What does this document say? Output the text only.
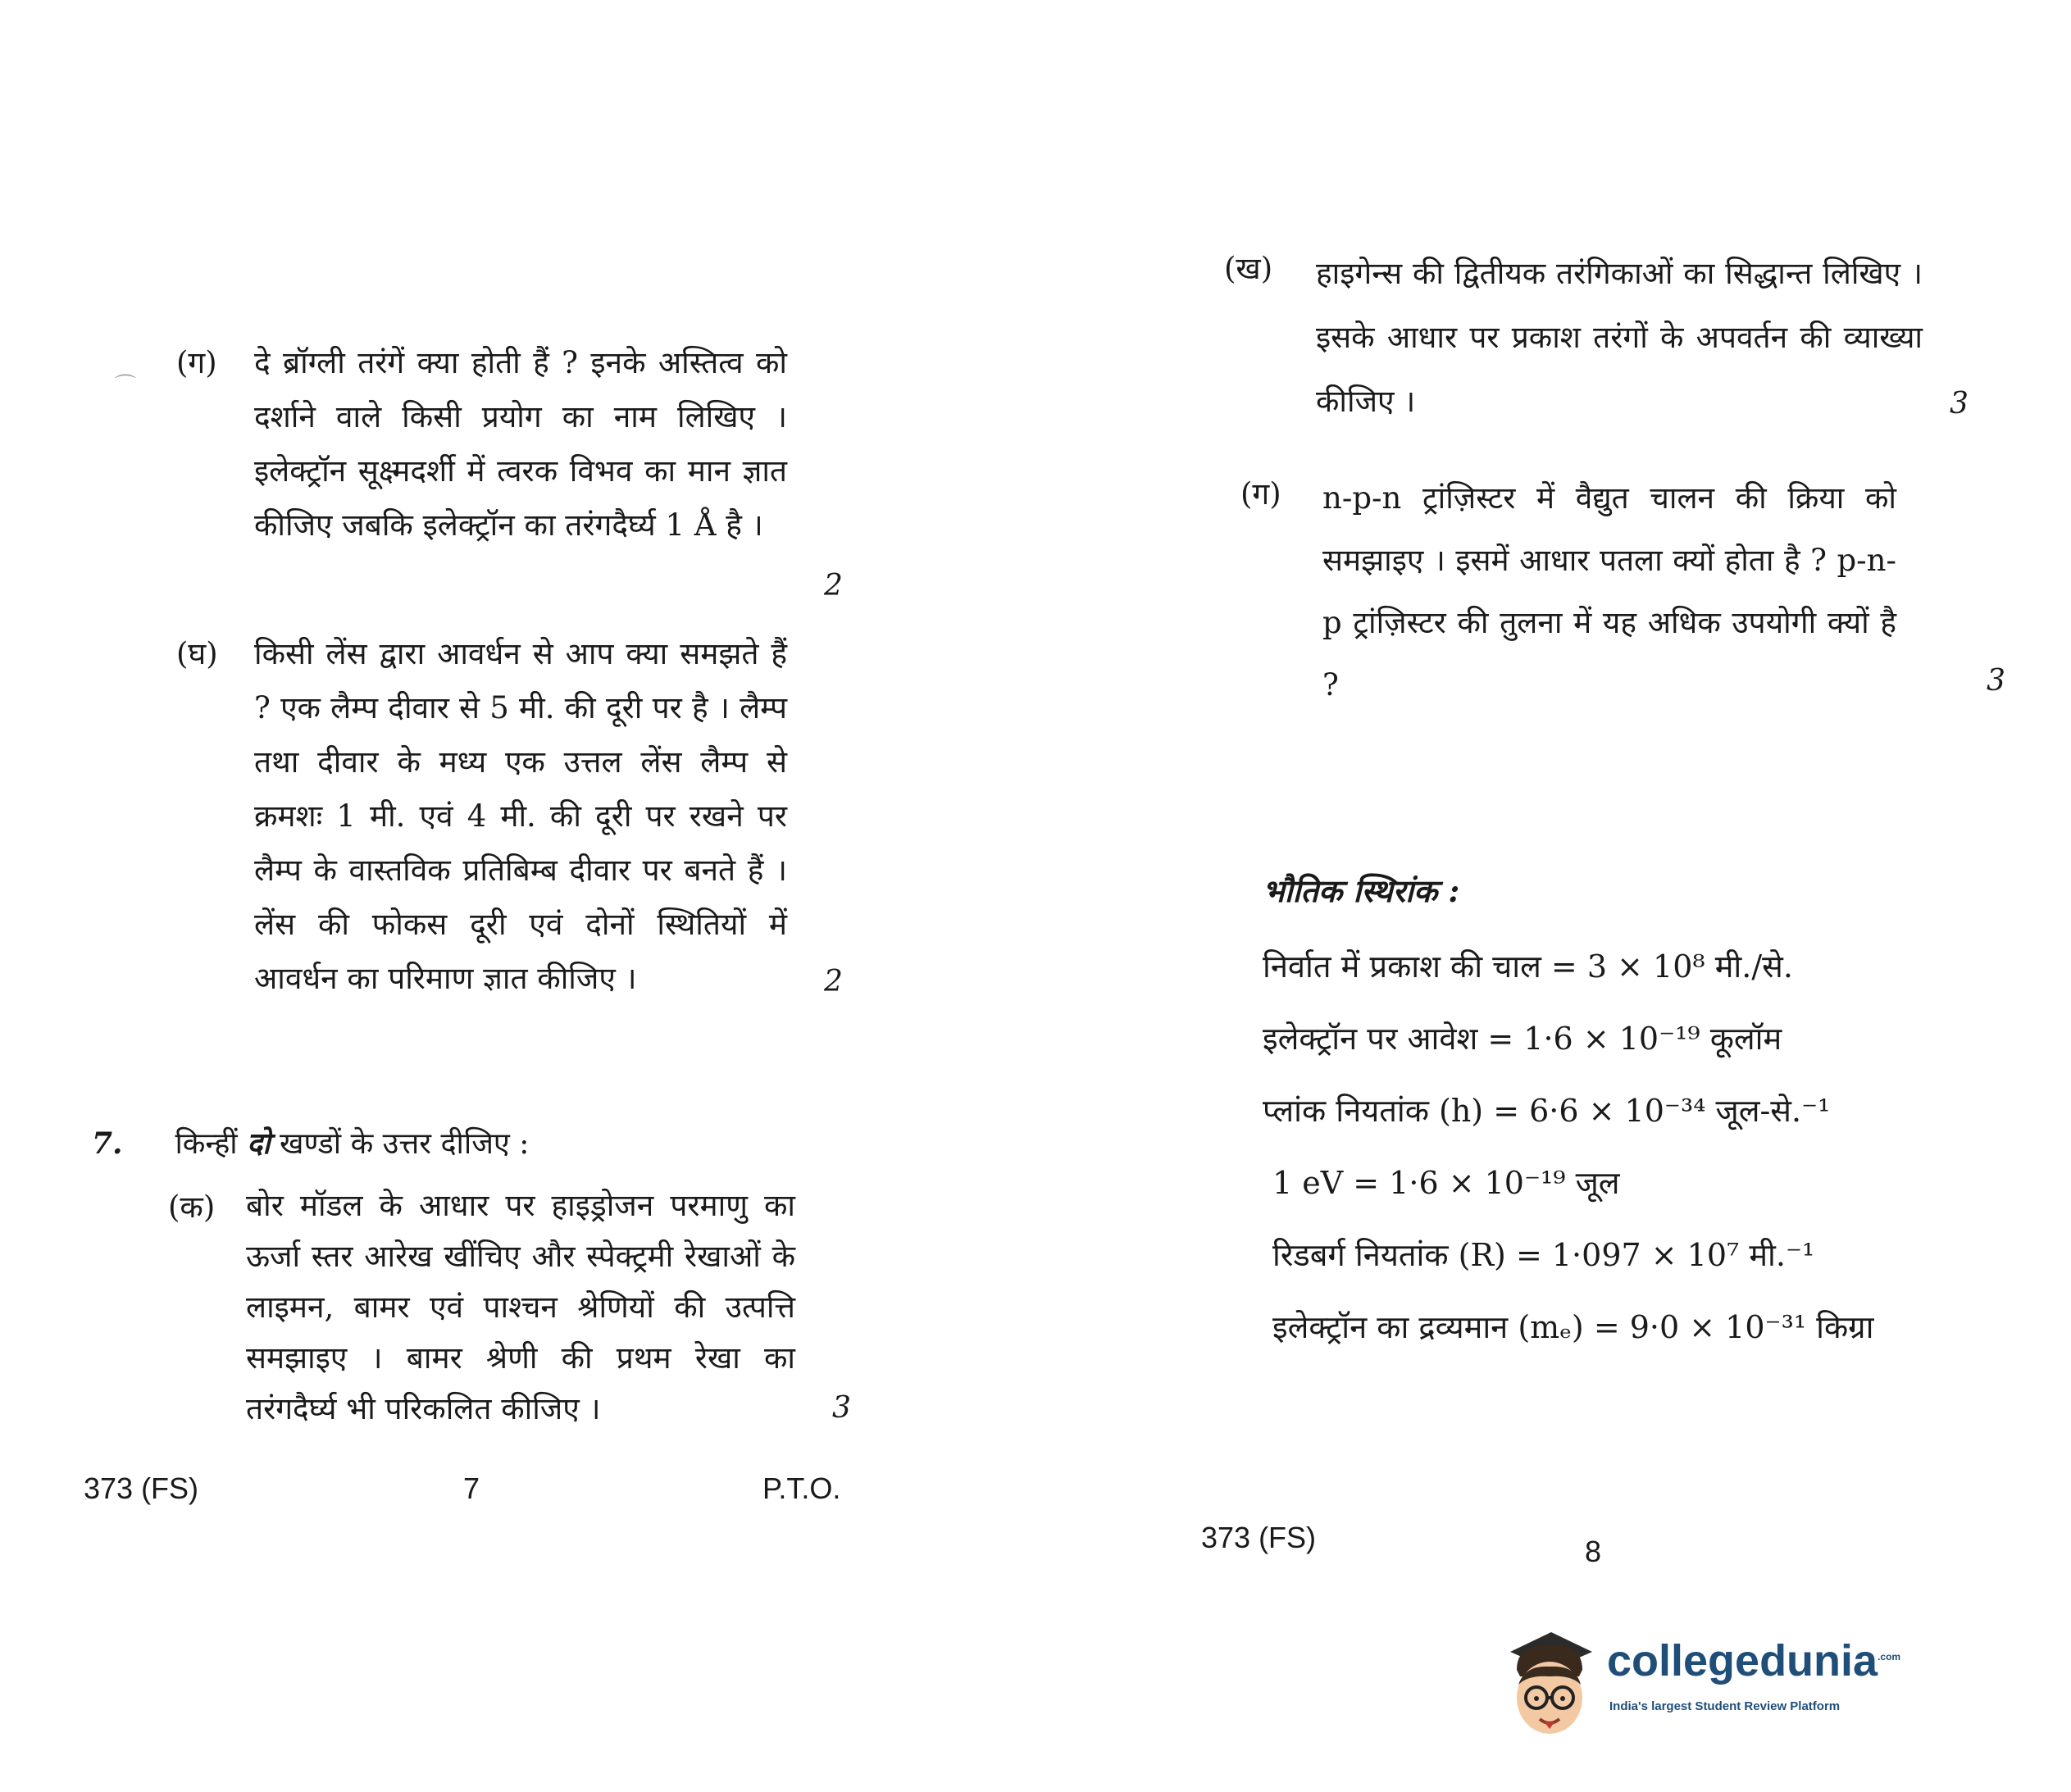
⌒
(ग) दे ब्रॉग्ली तरंगें क्या होती हैं ? इनके अस्तित्व को दर्शाने वाले किसी प्रयोग का नाम लिखिए । इलेक्ट्रॉन सूक्ष्मदर्शी में त्वरक विभव का मान ज्ञात कीजिए जबकि इलेक्ट्रॉन का तरंगदैर्घ्य 1 Å है ।
2
(घ) किसी लेंस द्वारा आवर्धन से आप क्या समझते हैं ? एक लैम्प दीवार से 5 मी. की दूरी पर है । लैम्प तथा दीवार के मध्य एक उत्तल लेंस लैम्प से क्रमशः 1 मी. एवं 4 मी. की दूरी पर रखने पर लैम्प के वास्तविक प्रतिबिम्ब दीवार पर बनते हैं । लेंस की फोकस दूरी एवं दोनों स्थितियों में आवर्धन का परिमाण ज्ञात कीजिए ।	2
7. किन्हीं दो खण्डों के उत्तर दीजिए :
(क) बोर मॉडल के आधार पर हाइड्रोजन परमाणु का ऊर्जा स्तर आरेख खींचिए और स्पेक्ट्रमी रेखाओं के लाइमन, बामर एवं पाश्चन श्रेणियों की उत्पत्ति समझाइए । बामर श्रेणी की प्रथम रेखा का तरंगदैर्घ्य भी परिकलित कीजिए ।	3
373 (FS)	7	P.T.O.
(ख) हाइगेन्स की द्वितीयक तरंगिकाओं का सिद्धान्त लिखिए । इसके आधार पर प्रकाश तरंगों के अपवर्तन की व्याख्या कीजिए ।	3
(ग) n-p-n ट्रांज़िस्टर में वैद्युत चालन की क्रिया को समझाइए । इसमें आधार पतला क्यों होता है ? p-n-p ट्रांज़िस्टर की तुलना में यह अधिक उपयोगी क्यों है ?	3
भौतिक स्थिरांक :
निर्वात में प्रकाश की चाल = 3 × 10⁸ मी./से.
इलेक्ट्रॉन पर आवेश = 1·6 × 10⁻¹⁹ कूलॉम
प्लांक नियतांक (h) = 6·6 × 10⁻³⁴ जूल-से.⁻¹
1 eV = 1·6 × 10⁻¹⁹ जूल
रिडबर्ग नियतांक (R) = 1·097 × 10⁷ मी.⁻¹
इलेक्ट्रॉन का द्रव्यमान (mₑ) = 9·0 × 10⁻³¹ किग्रा
373 (FS)	8
collegedunia$^{.com}$
India's largest Student Review Platform
